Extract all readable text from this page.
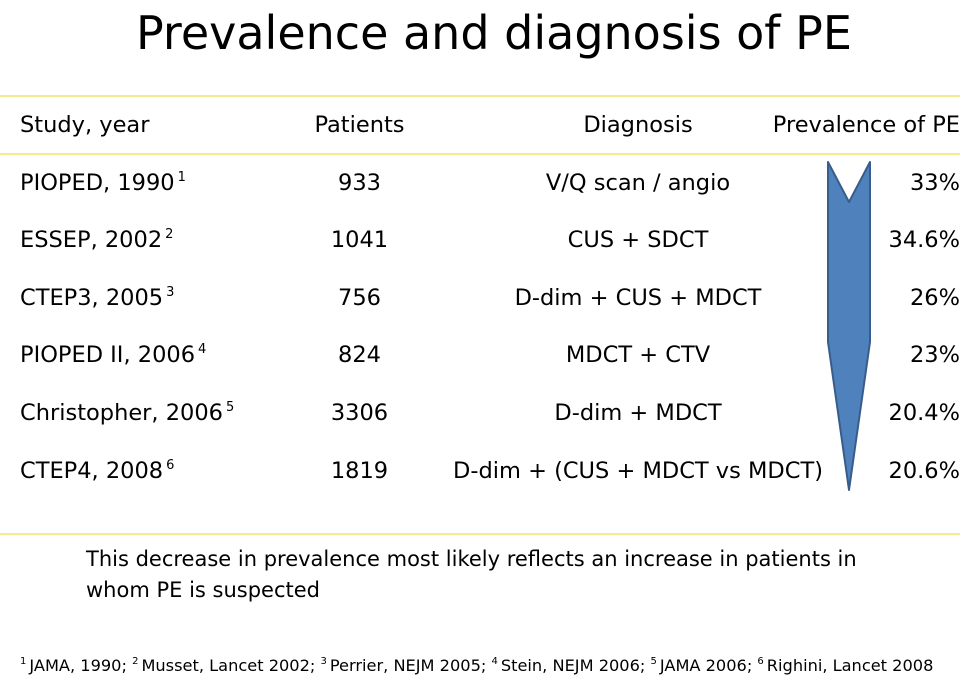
Prevalence and diagnosis of PE
Study, year	Patients	Diagnosis	Prevalence of PE
PIOPED, 1990 $^1$	933	V/Q scan / angio	33%
ESSEP, 2002 $^2$	1041	CUS + SDCT	34.6%
CTEP3, 2005 $^3$	756	D-dim + CUS + MDCT	26%
PIOPED II, 2006 $^4$	824	MDCT + CTV	23%
Christopher, 2006 $^5$	3306	D-dim + MDCT	20.4%
CTEP4, 2008 $^6$	1819	D-dim + (CUS + MDCT vs MDCT)	20.6%
This decrease in prevalence most likely reflects an increase in patients in whom PE is suspected
$^1$ JAMA, 1990; $^2$ Musset, Lancet 2002; $^3$ Perrier, NEJM 2005; $^4$ Stein, NEJM 2006; $^5$ JAMA 2006; $^6$ Righini, Lancet 2008
